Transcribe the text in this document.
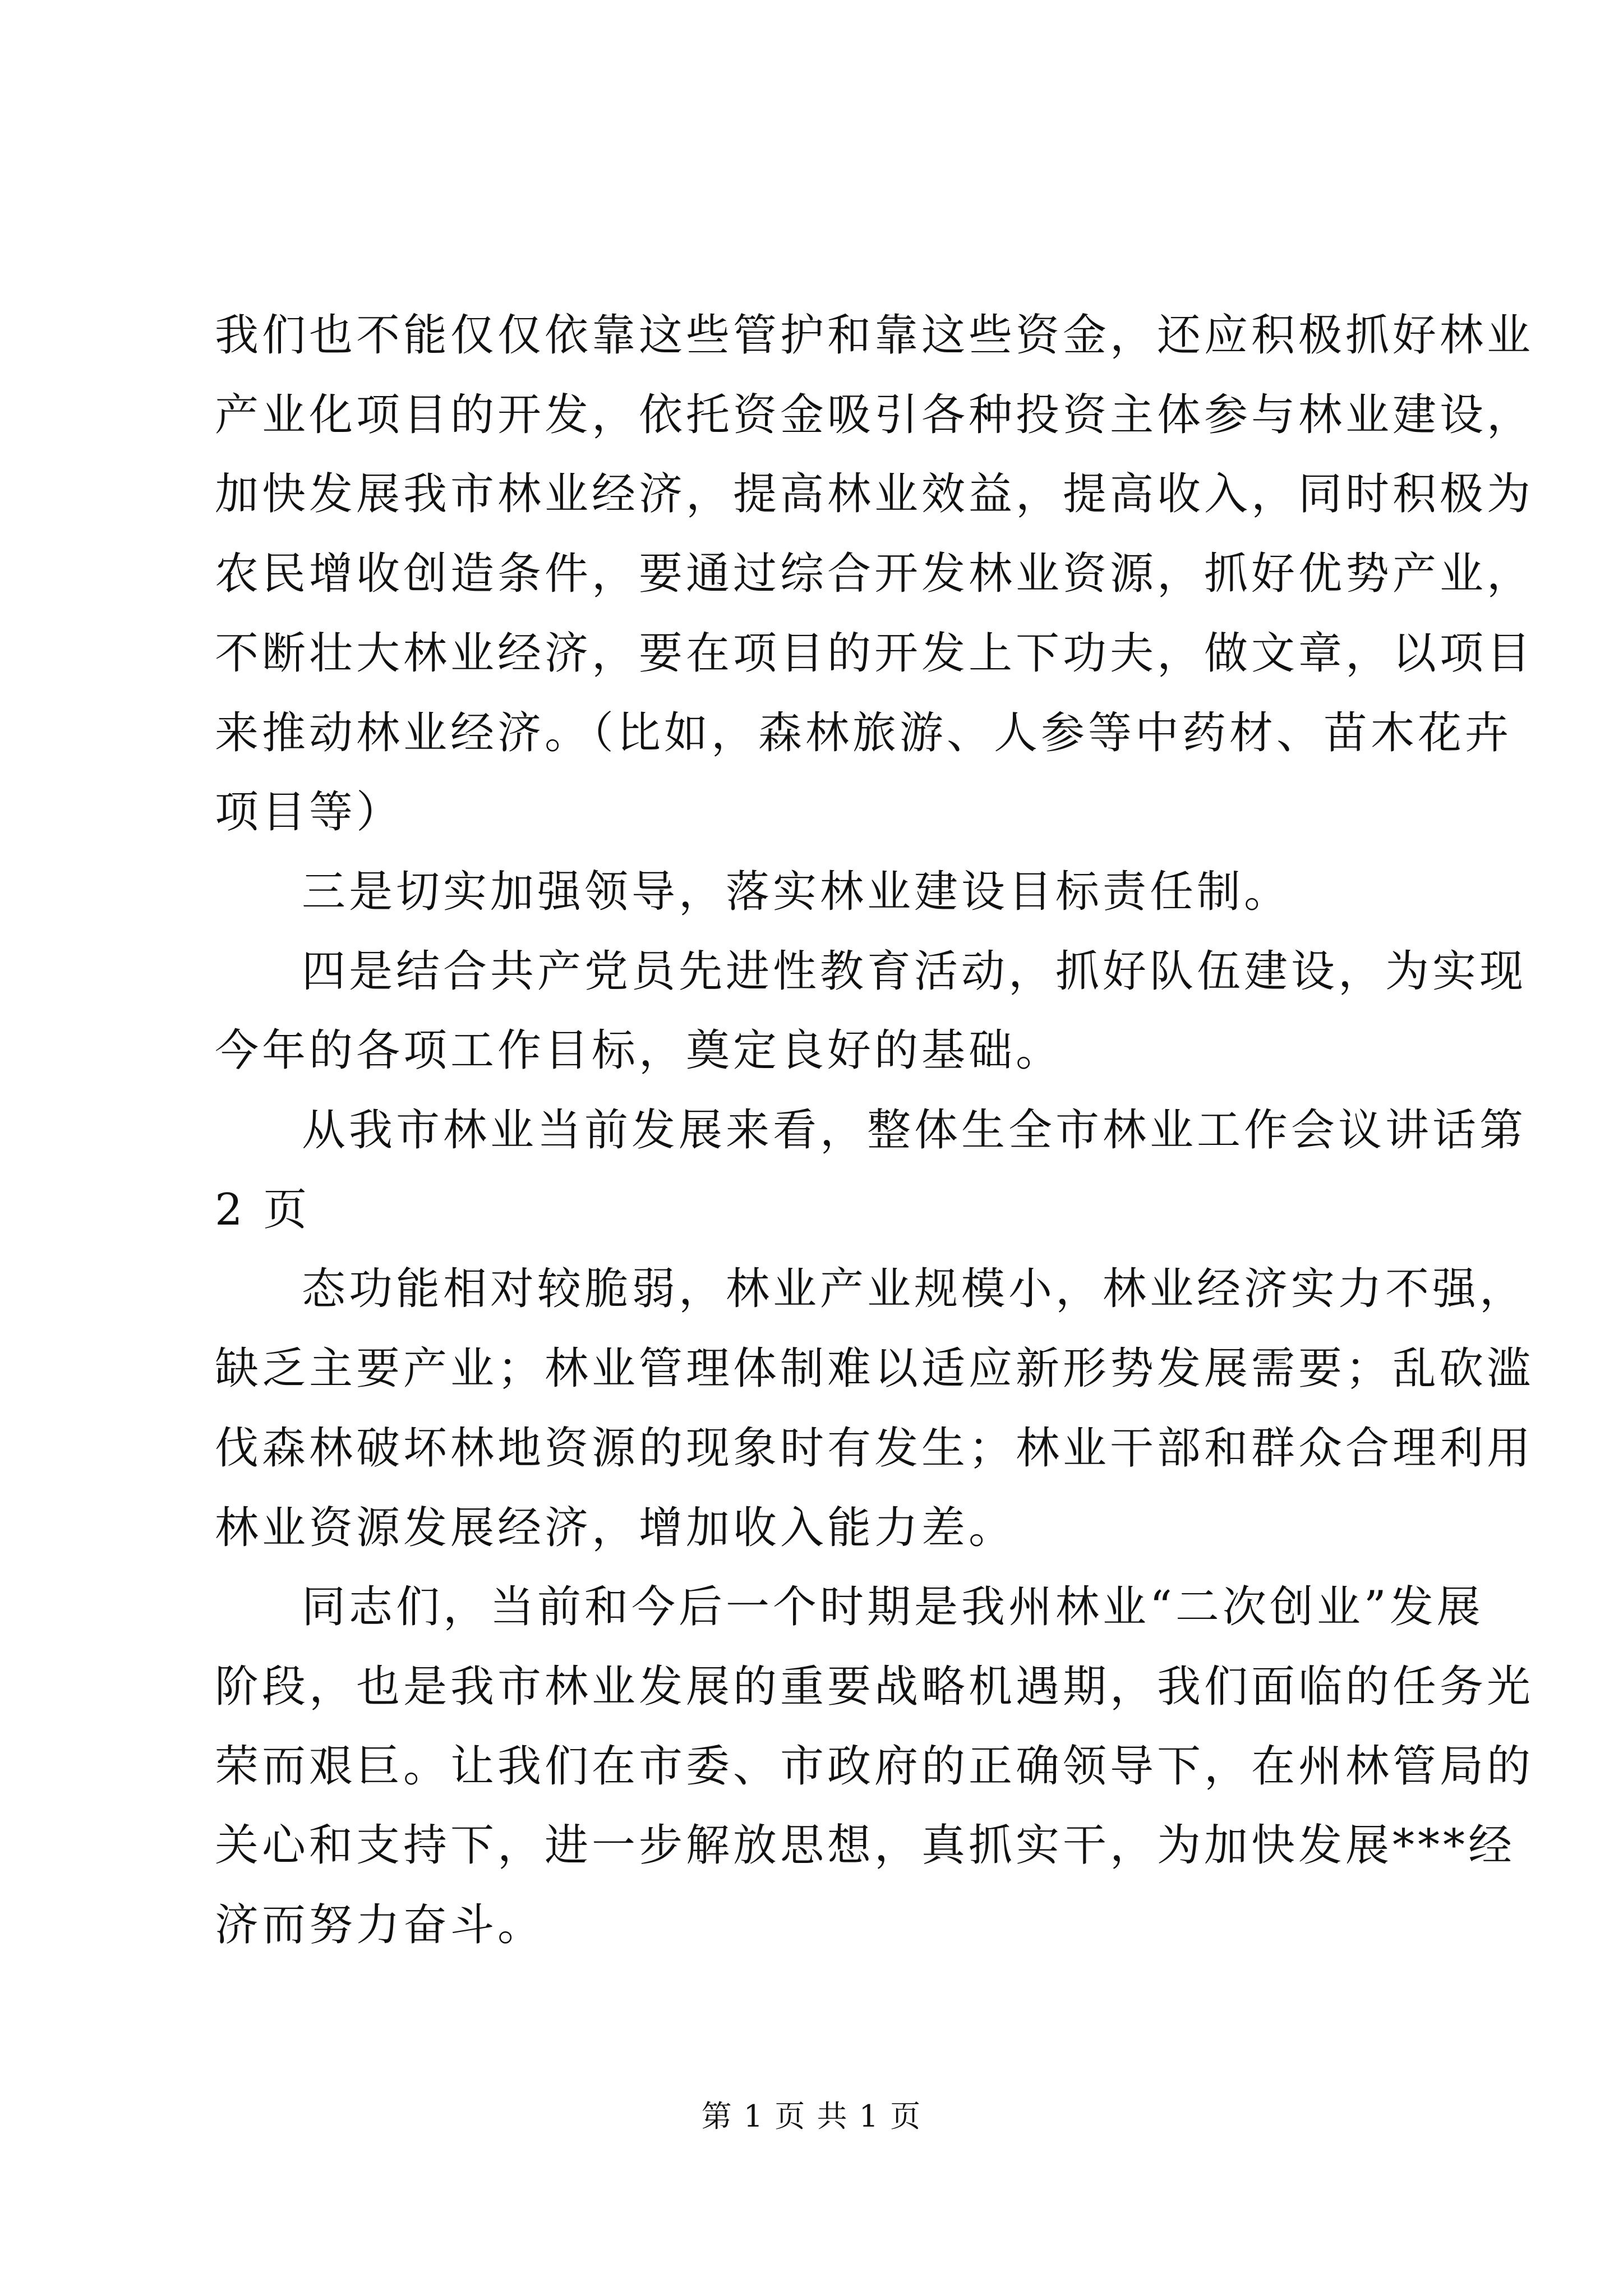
我们也不能仅仅依靠这些管护和靠这些资金，还应积极抓好林业
产业化项目的开发，依托资金吸引各种投资主体参与林业建设，
加快发展我市林业经济，提高林业效益，提高收入，同时积极为
农民增收创造条件，要通过综合开发林业资源，抓好优势产业，
不断壮大林业经济，要在项目的开发上下功夫，做文章，以项目
来推动林业经济。（比如，森林旅游、人参等中药材、苗木花卉
项目等）
三是切实加强领导，落实林业建设目标责任制。
四是结合共产党员先进性教育活动，抓好队伍建设，为实现
今年的各项工作目标，奠定良好的基础。
从我市林业当前发展来看，整体生全市林业工作会议讲话第
2 页
态功能相对较脆弱，林业产业规模小，林业经济实力不强，
缺乏主要产业；林业管理体制难以适应新形势发展需要；乱砍滥
伐森林破坏林地资源的现象时有发生；林业干部和群众合理利用
林业资源发展经济，增加收入能力差。
同志们，当前和今后一个时期是我州林业“二次创业”发展
阶段，也是我市林业发展的重要战略机遇期，我们面临的任务光
荣而艰巨。让我们在市委、市政府的正确领导下，在州林管局的
关心和支持下，进一步解放思想，真抓实干，为加快发展***经
济而努力奋斗。
第 1 页 共 1 页
